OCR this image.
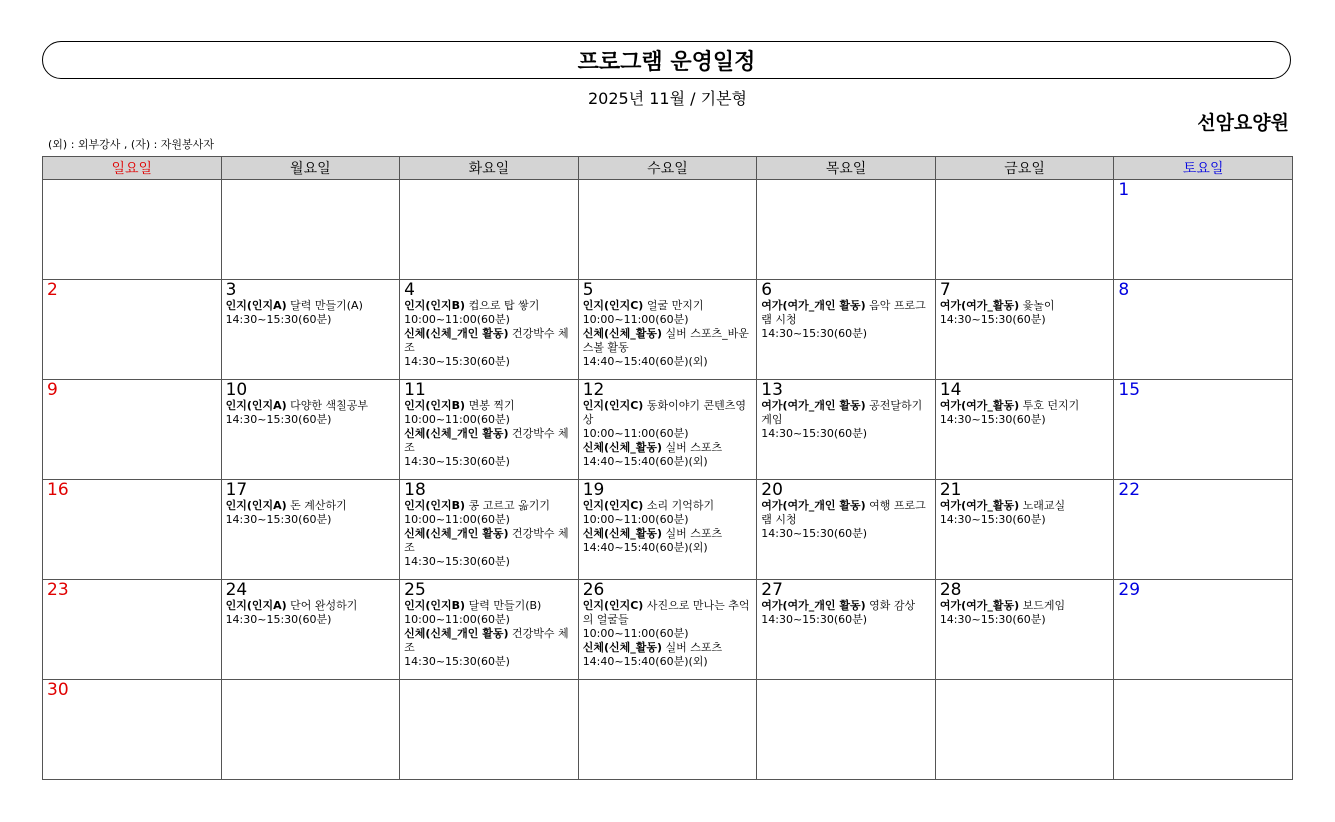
프로그램 운영일정
2025년 11월 / 기본형
선암요양원
(외) : 외부강사 , (자) : 자원봉사자
일요일	월요일	화요일	수요일	목요일	금요일	토요일

						1

2	3
인지(인지A) 달력 만들기(A)
14:30~15:30(60분)	4
인지(인지B) 컵으로 탑 쌓기
10:00~11:00(60분)
신체(신체_개인 활동) 건강박수 체조
14:30~15:30(60분)	5
인지(인지C) 얼굴 만지기
10:00~11:00(60분)
신체(신체_활동) 실버 스포츠_바운스볼 활동
14:40~15:40(60분)(외)	6
여가(여가_개인 활동) 음악 프로그램 시청
14:30~15:30(60분)	7
여가(여가_활동) 윷놀이
14:30~15:30(60분)	8

9	10
인지(인지A) 다양한 색칠공부
14:30~15:30(60분)	11
인지(인지B) 면봉 찍기
10:00~11:00(60분)
신체(신체_개인 활동) 건강박수 체조
14:30~15:30(60분)	12
인지(인지C) 동화이야기 콘텐츠영상
10:00~11:00(60분)
신체(신체_활동) 실버 스포츠
14:40~15:40(60분)(외)	13
여가(여가_개인 활동) 공전달하기 게임
14:30~15:30(60분)	14
여가(여가_활동) 투호 던지기
14:30~15:30(60분)	15

16	17
인지(인지A) 돈 계산하기
14:30~15:30(60분)	18
인지(인지B) 콩 고르고 옮기기
10:00~11:00(60분)
신체(신체_개인 활동) 건강박수 체조
14:30~15:30(60분)	19
인지(인지C) 소리 기억하기
10:00~11:00(60분)
신체(신체_활동) 실버 스포츠
14:40~15:40(60분)(외)	20
여가(여가_개인 활동) 여행 프로그램 시청
14:30~15:30(60분)	21
여가(여가_활동) 노래교실
14:30~15:30(60분)	22

23	24
인지(인지A) 단어 완성하기
14:30~15:30(60분)	25
인지(인지B) 달력 만들기(B)
10:00~11:00(60분)
신체(신체_개인 활동) 건강박수 체조
14:30~15:30(60분)	26
인지(인지C) 사진으로 만나는 추억의 얼굴들
10:00~11:00(60분)
신체(신체_활동) 실버 스포츠
14:40~15:40(60분)(외)	27
여가(여가_개인 활동) 영화 감상
14:30~15:30(60분)	28
여가(여가_활동) 보드게임
14:30~15:30(60분)	29

30						
